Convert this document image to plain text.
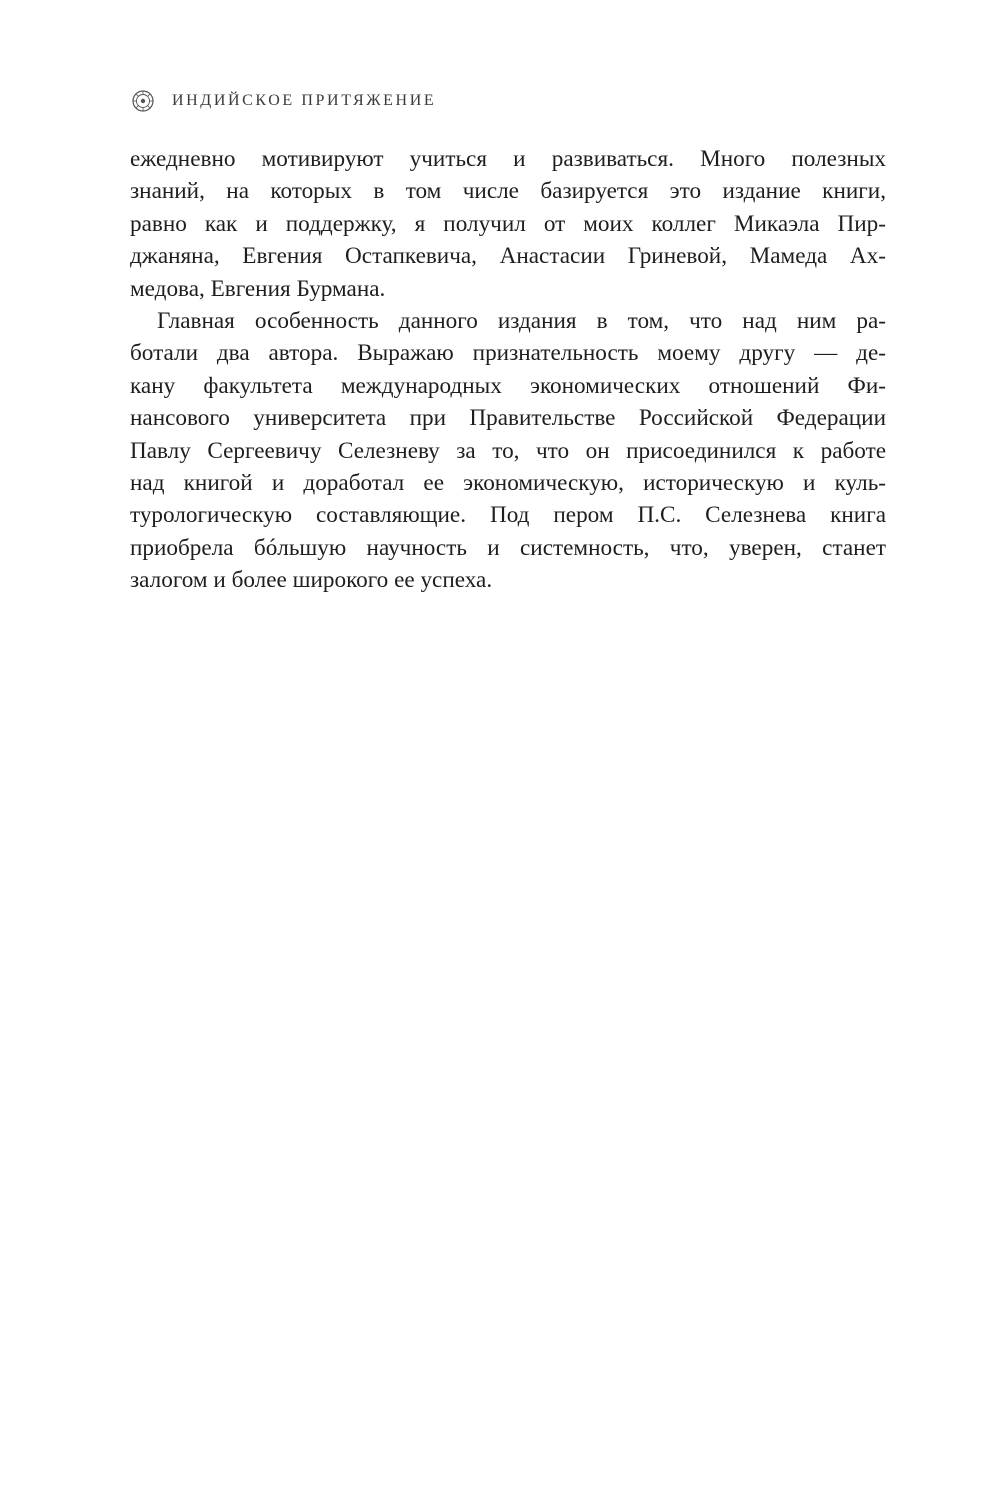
ИНДИЙСКОЕ ПРИТЯЖЕНИЕ
ежедневно мотивируют учиться и развиваться. Много полезных
знаний, на которых в том числе базируется это издание книги,
равно как и поддержку, я получил от моих коллег Микаэла Пир-
джаняна, Евгения Остапкевича, Анастасии Гриневой, Мамеда Ах-
медова, Евгения Бурмана.
Главная особенность данного издания в том, что над ним ра-
ботали два автора. Выражаю признательность моему другу — де-
кану факультета международных экономических отношений Фи-
нансового университета при Правительстве Российской Федерации
Павлу Сергеевичу Селезневу за то, что он присоединился к работе
над книгой и доработал ее экономическую, историческую и куль-
турологическую составляющие. Под пером П.С. Селезнева книга
приобрела бóльшую научность и системность, что, уверен, станет
залогом и более широкого ее успеха.
